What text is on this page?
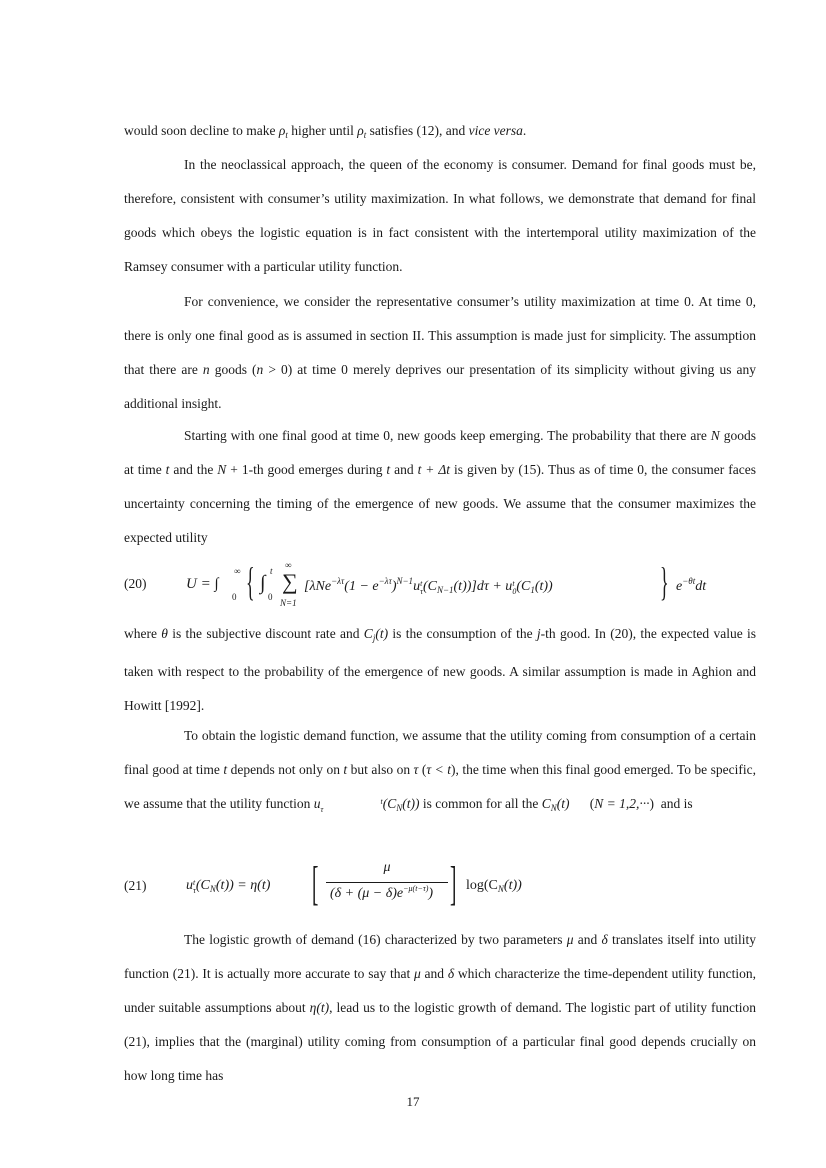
would soon decline to make $\rho_t$ higher until $\rho_t$ satisfies (12), and vice versa.
In the neoclassical approach, the queen of the economy is consumer. Demand for final goods must be, therefore, consistent with consumer’s utility maximization. In what follows, we demonstrate that demand for final goods which obeys the logistic equation is in fact consistent with the intertemporal utility maximization of the Ramsey consumer with a particular utility function.
For convenience, we consider the representative consumer’s utility maximization at time 0. At time 0, there is only one final good as is assumed in section II. This assumption is made just for simplicity. The assumption that there are n goods (n > 0) at time 0 merely deprives our presentation of its simplicity without giving us any additional insight.
Starting with one final good at time 0, new goods keep emerging. The probability that there are N goods at time t and the N + 1-th good emerges during t and t + Δt is given by (15). Thus as of time 0, the consumer faces uncertainty concerning the timing of the emergence of new goods. We assume that the consumer maximizes the expected utility
(20)	U = ∫
0
∞ { ∫
0
t ∑
∞
N=1
[$\lambda Ne^{-\lambda\tau}(1 - e^{-\lambda\tau})^{N-1}ut$
$\tau(C_{N-1}(t))]d\tau$ + ut
$0(C_1(t))$	} $e^{-\theta t}dt$
where θ is the subjective discount rate and $C_j(t)$ is the consumption of the j-th good. In (20), the expected value is taken with respect to the probability of the emergence of new goods. A similar assumption is made in Aghion and Howitt [1992].
To obtain the logistic demand function, we assume that the utility coming from consumption of a certain final good at time t depends not only on t but also on τ (τ < t), the time when this final good emerged. To be specific, we assume that the utility function u	t
τ	$(C_N(t))$ is common for all the $C_N(t)$      (N = 1,2,···)  and is
(21)	ut
$\tau(C_N(t)) = \eta(t)$ [	μ
$(\delta + (\mu - \delta)e^{-\mu(t-\tau)})$ ] $\log(C_N(t))$
The logistic growth of demand (16) characterized by two parameters μ and δ translates itself into utility function (21). It is actually more accurate to say that μ and δ which characterize the time-dependent utility function, under suitable assumptions about η(t), lead us to the logistic growth of demand. The logistic part of utility function (21), implies that the (marginal) utility coming from consumption of a particular final good depends crucially on how long time has
17
